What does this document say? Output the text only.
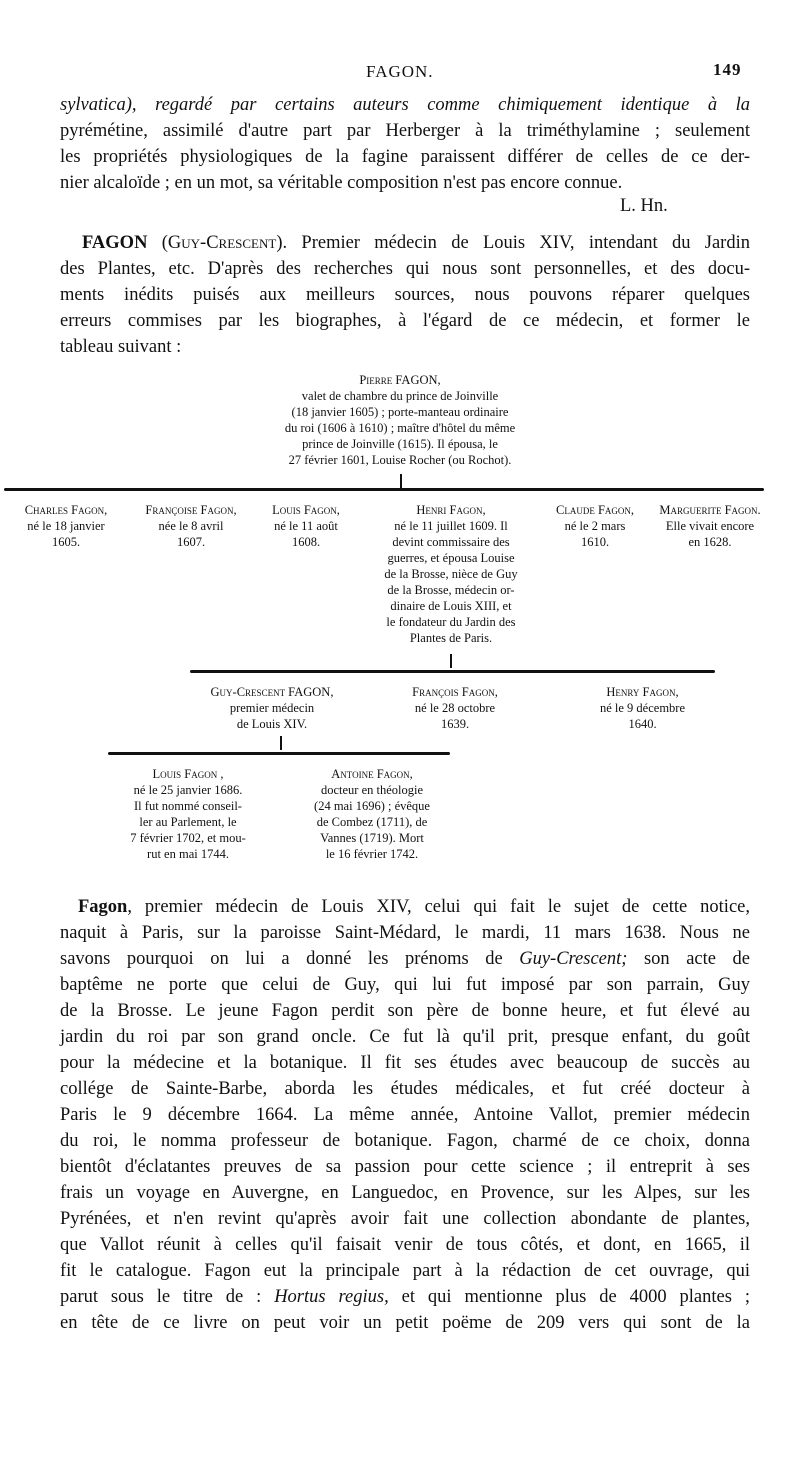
FAGON.	149
sylvatica), regardé par certains auteurs comme chimiquement identique à la
pyrémétine, assimilé d'autre part par Herberger à la triméthylamine ; seulement
les propriétés physiologiques de la fagine paraissent différer de celles de ce der-
nier alcaloïde ; en un mot, sa véritable composition n'est pas encore connue.
L. Hn.
FAGON (Guy-Crescent). Premier médecin de Louis XIV, intendant du Jardin
des Plantes, etc. D'après des recherches qui nous sont personnelles, et des docu-
ments inédits puisés aux meilleurs sources, nous pouvons réparer quelques
erreurs commises par les biographes, à l'égard de ce médecin, et former le
tableau suivant :
Pierre FAGON,
valet de chambre du prince de Joinville
(18 janvier 1605) ; porte-manteau ordinaire
du roi (1606 à 1610) ; maître d'hôtel du même
prince de Joinville (1615). Il épousa, le
27 février 1601, Louise Rocher (ou Rochot).
Charles Fagon,
né le 18 janvier
1605.
Françoise Fagon,
née le 8 avril
1607.
Louis Fagon,
né le 11 août
1608.
Henri Fagon,
né le 11 juillet 1609. Il
devint commissaire des
guerres, et épousa Louise
de la Brosse, nièce de Guy
de la Brosse, médecin or-
dinaire de Louis XIII, et
le fondateur du Jardin des
Plantes de Paris.
Claude Fagon,
né le 2 mars
1610.
Marguerite Fagon.
Elle vivait encore
en 1628.
Guy-Crescent FAGON,
premier médecin
de Louis XIV.
François Fagon,
né le 28 octobre
1639.
Henry Fagon,
né le 9 décembre
1640.
Louis Fagon ,
né le 25 janvier 1686.
Il fut nommé conseil-
ler au Parlement, le
7 février 1702, et mou-
rut en mai 1744.
Antoine Fagon,
docteur en théologie
(24 mai 1696) ; évêque
de Combez (1711), de
Vannes (1719). Mort
le 16 février 1742.
Fagon, premier médecin de Louis XIV, celui qui fait le sujet de cette notice,
naquit à Paris, sur la paroisse Saint-Médard, le mardi, 11 mars 1638. Nous ne
savons pourquoi on lui a donné les prénoms de Guy-Crescent; son acte de
baptême ne porte que celui de Guy, qui lui fut imposé par son parrain, Guy
de la Brosse. Le jeune Fagon perdit son père de bonne heure, et fut élevé au
jardin du roi par son grand oncle. Ce fut là qu'il prit, presque enfant, du goût
pour la médecine et la botanique. Il fit ses études avec beaucoup de succès au
collége de Sainte-Barbe, aborda les études médicales, et fut créé docteur à
Paris le 9 décembre 1664. La même année, Antoine Vallot, premier médecin
du roi, le nomma professeur de botanique. Fagon, charmé de ce choix, donna
bientôt d'éclatantes preuves de sa passion pour cette science ; il entreprit à ses
frais un voyage en Auvergne, en Languedoc, en Provence, sur les Alpes, sur les
Pyrénées, et n'en revint qu'après avoir fait une collection abondante de plantes,
que Vallot réunit à celles qu'il faisait venir de tous côtés, et dont, en 1665, il
fit le catalogue. Fagon eut la principale part à la rédaction de cet ouvrage, qui
parut sous le titre de : Hortus regius, et qui mentionne plus de 4000 plantes ;
en tête de ce livre on peut voir un petit poëme de 209 vers qui sont de la
